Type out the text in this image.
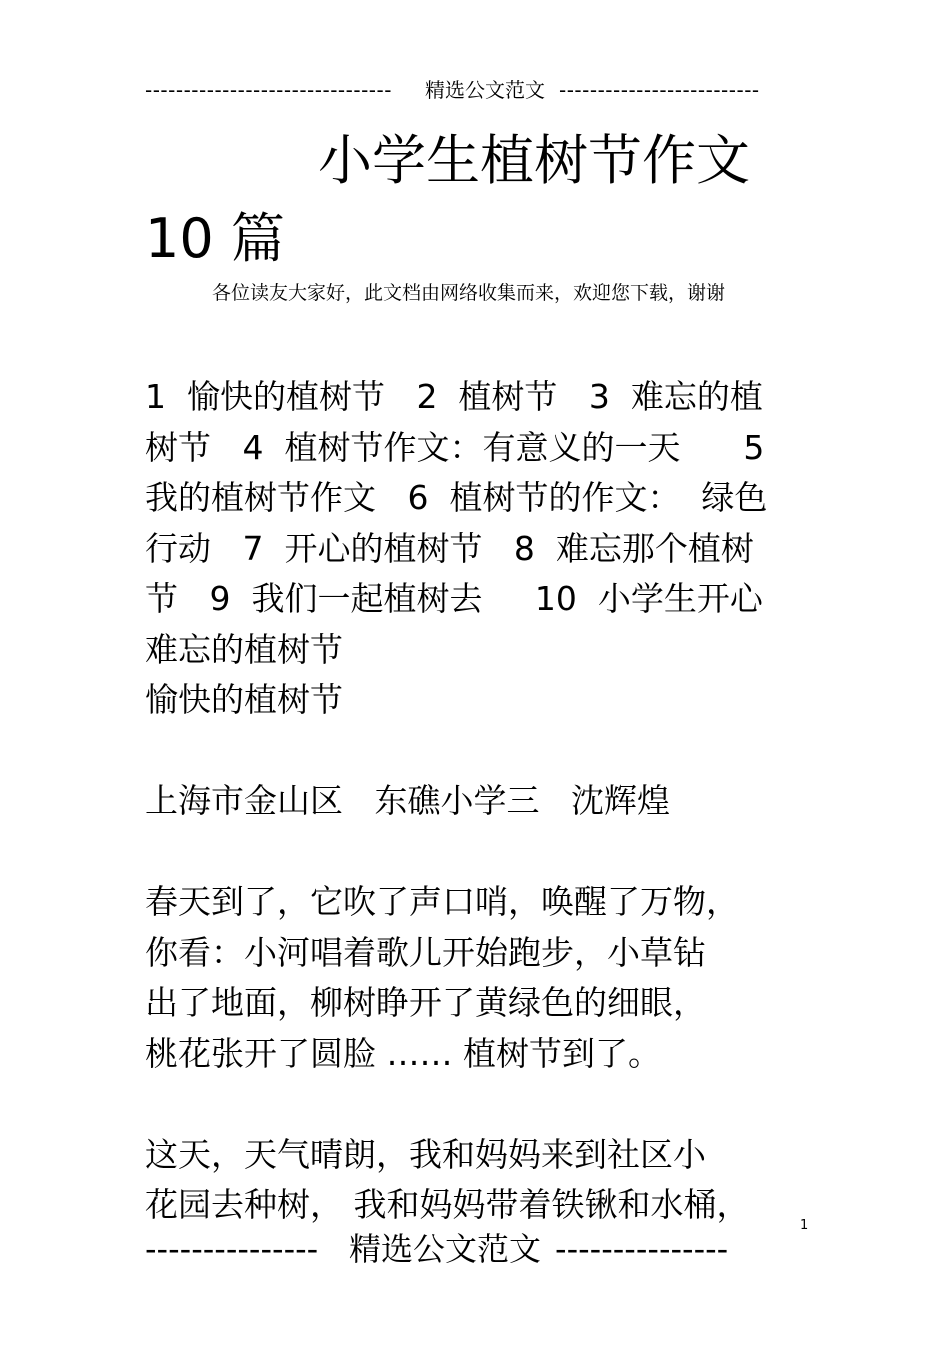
-------------------------------- 精选公文范文 --------------------------
小学生植树节作文
10 篇
各位读友大家好，此文档由网络收集而来，欢迎您下载，谢谢

1  愉快的植树节   2  植树节   3  难忘的植

树节   4  植树节作文：有意义的一天      5

我的植树节作文   6  植树节的作文：  绿色

行动   7  开心的植树节   8  难忘那个植树

节   9  我们一起植树去     10  小学生开心

难忘的植树节

愉快的植树节

上海市金山区   东礁小学三   沈辉煌

春天到了，它吹了声口哨，唤醒了万物，

你看：小河唱着歌儿开始跑步，小草钻

出了地面，柳树睁开了黄绿色的细眼，

桃花张开了圆脸 …… 植树节到了。

这天，天气晴朗，我和妈妈来到社区小

花园去种树， 我和妈妈带着铁锹和水桶，

1
--------------- 精选公文范文 ---------------
